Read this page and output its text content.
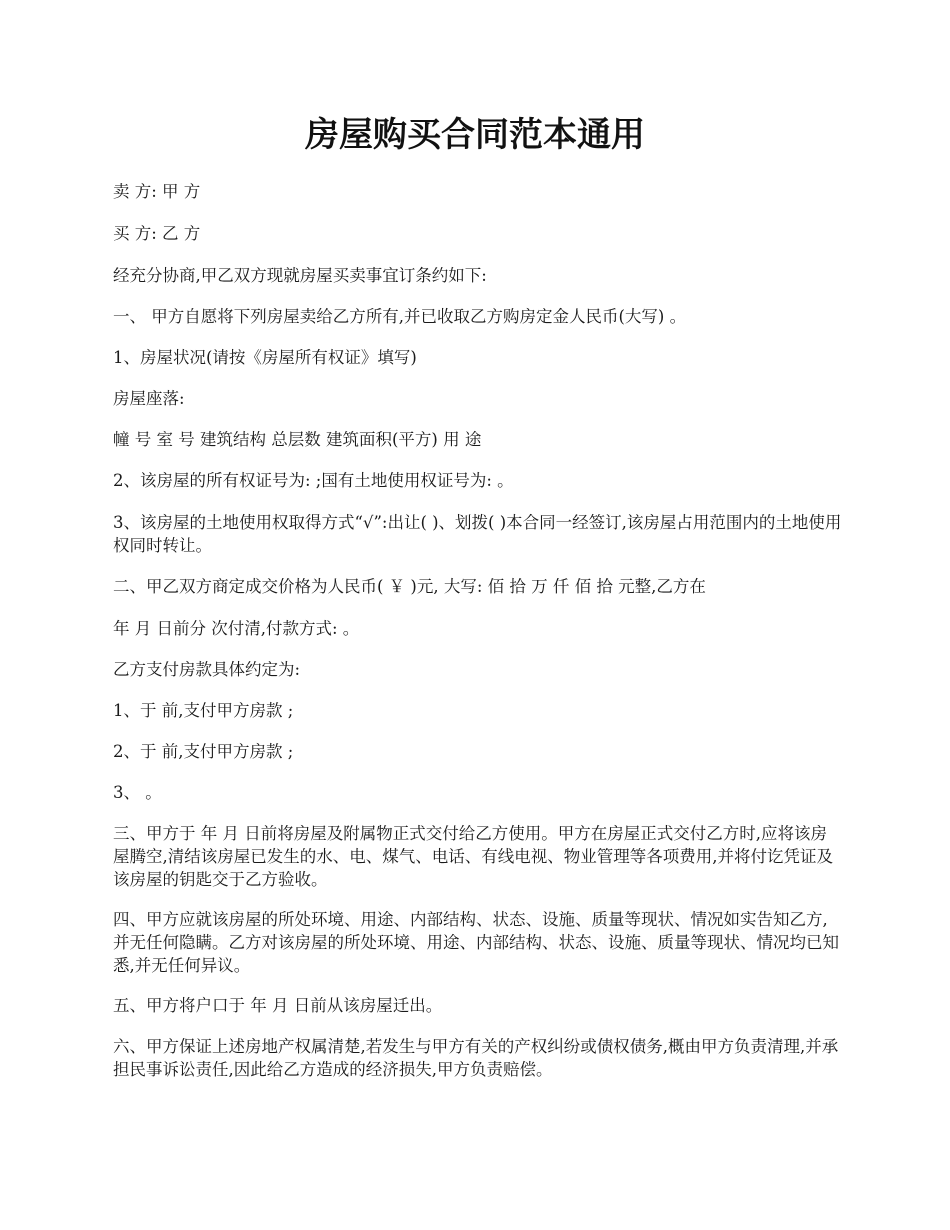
房屋购买合同范本通用

卖 方: 甲 方

买 方: 乙 方

经充分协商,甲乙双方现就房屋买卖事宜订条约如下:

一、 甲方自愿将下列房屋卖给乙方所有,并已收取乙方购房定金人民币(大写) 。

1、房屋状况(请按《房屋所有权证》填写)

房屋座落:

幢 号 室 号 建筑结构 总层数 建筑面积(平方) 用 途

2、该房屋的所有权证号为: ;国有土地使用权证号为: 。

3、该房屋的土地使用权取得方式“√”:出让( )、划拨( )本合同一经签订,该房屋占用范围内的土地使用权同时转让。

二、甲乙双方商定成交价格为人民币( ￥ )元, 大写: 佰 拾 万 仟 佰 拾 元整,乙方在

年 月 日前分 次付清,付款方式: 。

乙方支付房款具体约定为:

1、于 前,支付甲方房款 ;

2、于 前,支付甲方房款 ;

3、 。

三、甲方于 年 月 日前将房屋及附属物正式交付给乙方使用。甲方在房屋正式交付乙方时,应将该房屋腾空,清结该房屋已发生的水、电、煤气、电话、有线电视、物业管理等各项费用,并将付讫凭证及该房屋的钥匙交于乙方验收。

四、甲方应就该房屋的所处环境、用途、内部结构、状态、设施、质量等现状、情况如实告知乙方,并无任何隐瞒。乙方对该房屋的所处环境、用途、内部结构、状态、设施、质量等现状、情况均已知悉,并无任何异议。

五、甲方将户口于 年 月 日前从该房屋迁出。

六、甲方保证上述房地产权属清楚,若发生与甲方有关的产权纠纷或债权债务,概由甲方负责清理,并承担民事诉讼责任,因此给乙方造成的经济损失,甲方负责赔偿。
